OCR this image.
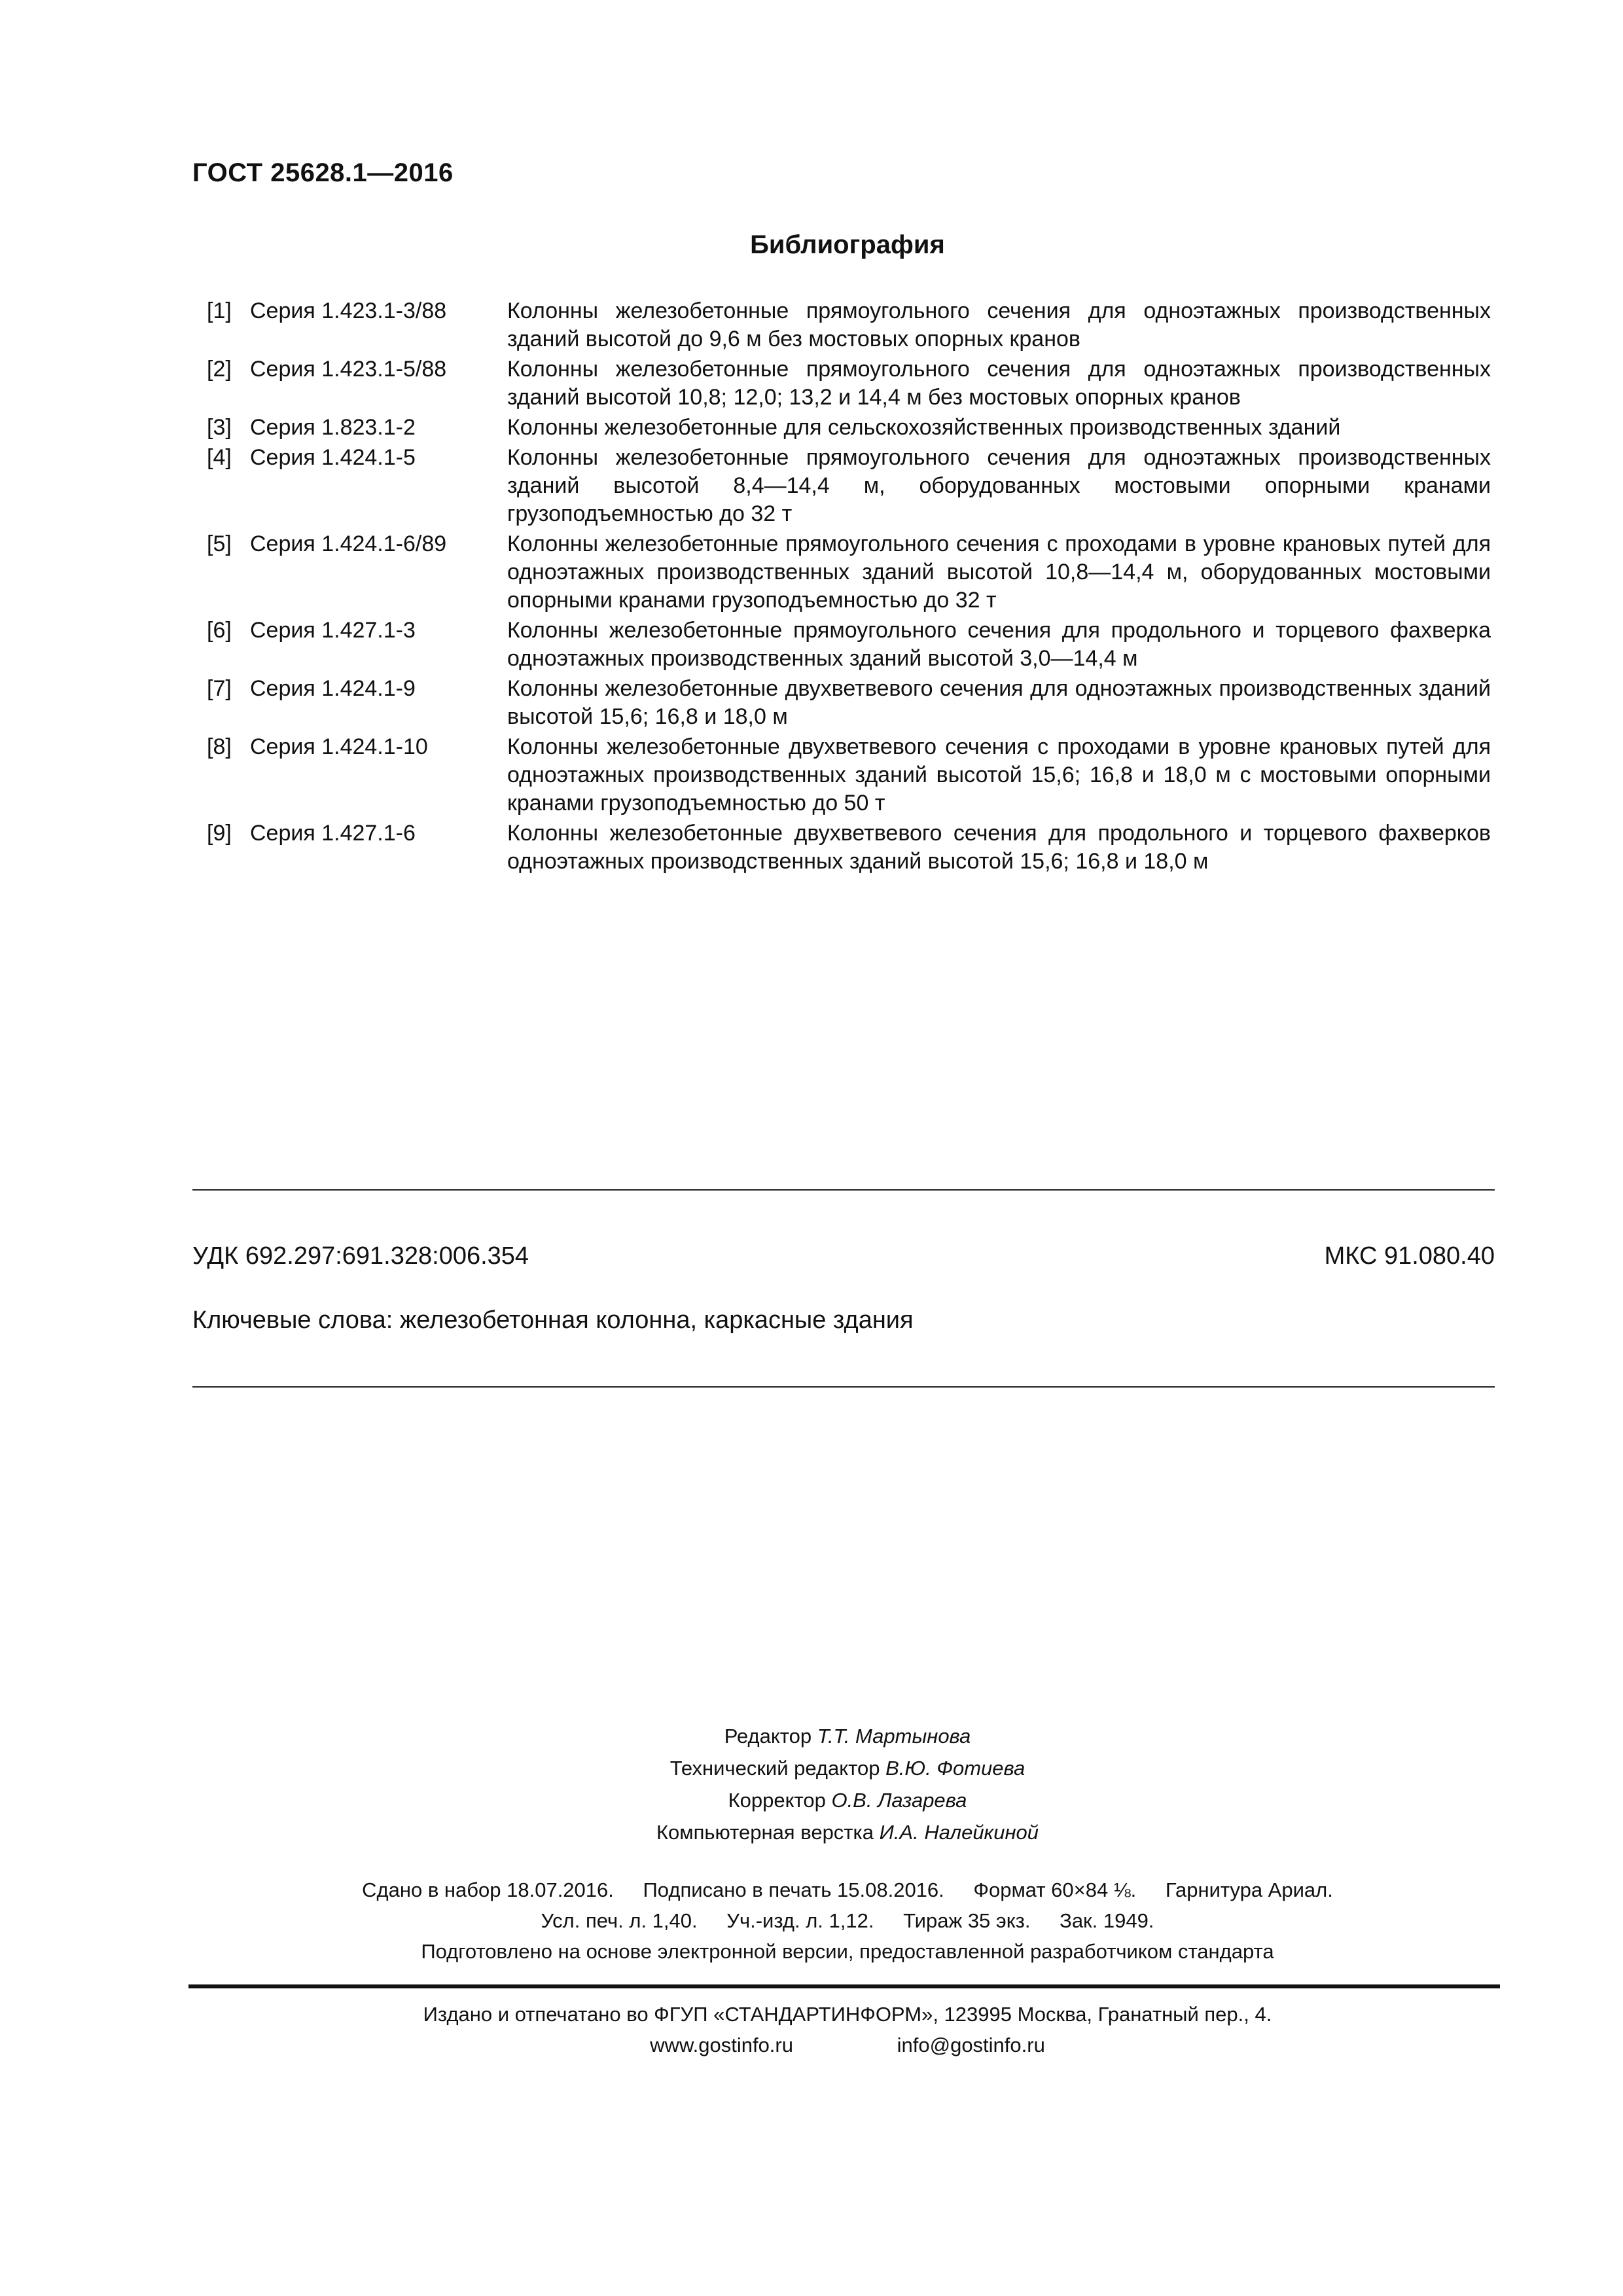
ГОСТ 25628.1—2016
Библиография
[1] Серия 1.423.1-3/88	Колонны железобетонные прямоугольного сечения для одноэтажных производственных зданий высотой до 9,6 м без мостовых опорных кранов
[2] Серия 1.423.1-5/88	Колонны железобетонные прямоугольного сечения для одноэтажных производственных зданий высотой 10,8; 12,0; 13,2 и 14,4 м без мостовых опорных кранов
[3] Серия 1.823.1-2	Колонны железобетонные для сельскохозяйственных производственных зданий
[4] Серия 1.424.1-5	Колонны железобетонные прямоугольного сечения для одноэтажных производственных зданий высотой 8,4—14,4 м, оборудованных мостовыми опорными кранами грузоподъемностью до 32 т
[5] Серия 1.424.1-6/89	Колонны железобетонные прямоугольного сечения с проходами в уровне крановых путей для одноэтажных производственных зданий высотой 10,8—14,4 м, оборудованных мостовыми опорными кранами грузоподъемностью до 32 т
[6] Серия 1.427.1-3	Колонны железобетонные прямоугольного сечения для продольного и торцевого фахверка одноэтажных производственных зданий высотой 3,0—14,4 м
[7] Серия 1.424.1-9	Колонны железобетонные двухветвевого сечения для одноэтажных производственных зданий высотой 15,6; 16,8 и 18,0 м
[8] Серия 1.424.1-10	Колонны железобетонные двухветвевого сечения с проходами в уровне крановых путей для одноэтажных производственных зданий высотой 15,6; 16,8 и 18,0 м с мостовыми опорными кранами грузоподъемностью до 50 т
[9] Серия 1.427.1-6	Колонны железобетонные двухветвевого сечения для продольного и торцевого фахверков одноэтажных производственных зданий высотой 15,6; 16,8 и 18,0 м
УДК 692.297:691.328:006.354	МКС 91.080.40
Ключевые слова: железобетонная колонна, каркасные здания
Редактор Т.Т. Мартынова
Технический редактор В.Ю. Фотиева
Корректор О.В. Лазарева
Компьютерная верстка И.А. Налейкиной
Сдано в набор 18.07.2016. Подписано в печать 15.08.2016. Формат 60×84 ⅛. Гарнитура Ариал.
Усл. печ. л. 1,40. Уч.-изд. л. 1,12. Тираж 35 экз. Зак. 1949.
Подготовлено на основе электронной версии, предоставленной разработчиком стандарта
Издано и отпечатано во ФГУП «СТАНДАРТИНФОРМ», 123995 Москва, Гранатный пер., 4.
www.gostinfo.ru	info@gostinfo.ru
